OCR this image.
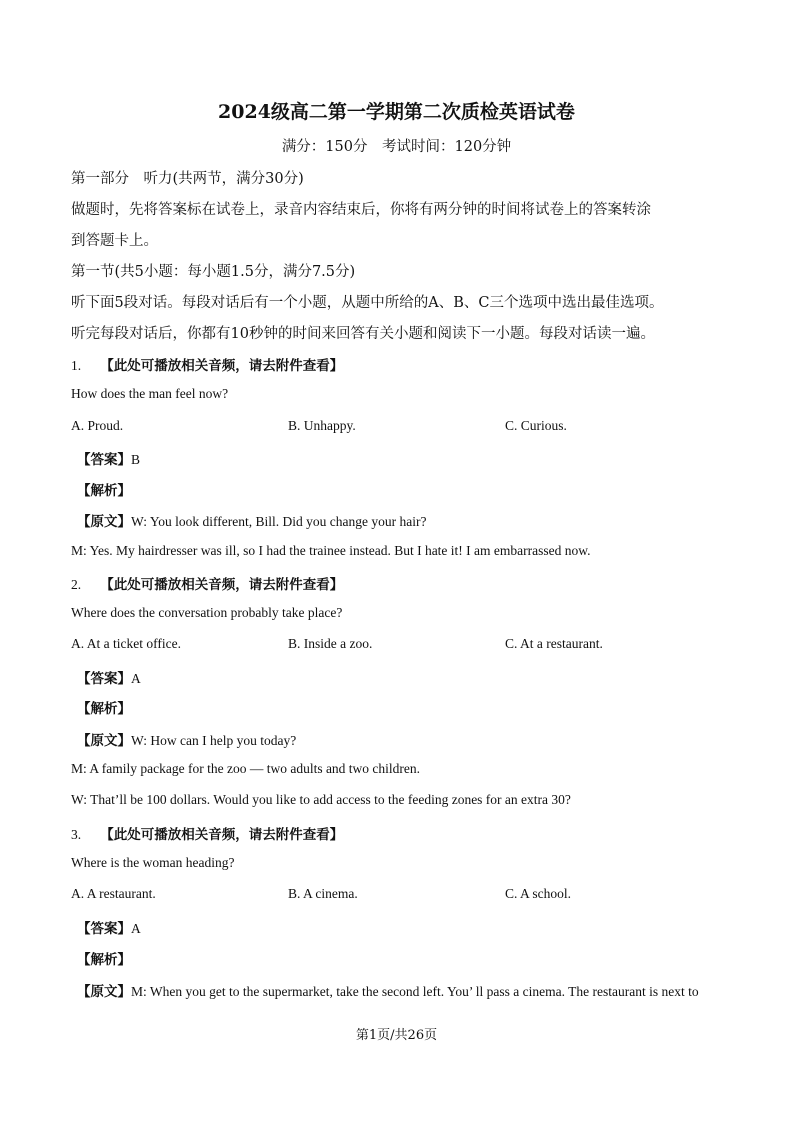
2024级高二第一学期第二次质检英语试卷
满分：150分　考试时间：120分钟
第一部分　听力(共两节，满分30分)
做题时，先将答案标在试卷上，录音内容结束后，你将有两分钟的时间将试卷上的答案转涂
到答题卡上。
第一节(共5小题：每小题1.5分，满分7.5分)
听下面5段对话。每段对话后有一个小题，从题中所给的A、B、C三个选项中选出最佳选项。
听完每段对话后，你都有10秒钟的时间来回答有关小题和阅读下一小题。每段对话读一遍。
1. 【此处可播放相关音频，请去附件查看】
How does the man feel now?
A. Proud.	B. Unhappy.	C. Curious.
【答案】B
【解析】
【原文】W: You look different, Bill. Did you change your hair?
M: Yes. My hairdresser was ill, so I had the trainee instead. But I hate it! I am embarrassed now.
2. 【此处可播放相关音频，请去附件查看】
Where does the conversation probably take place?
A. At a ticket office.	B. Inside a zoo.	C. At a restaurant.
【答案】A
【解析】
【原文】W: How can I help you today?
M: A family package for the zoo — two adults and two children.
W: That’ll be 100 dollars. Would you like to add access to the feeding zones for an extra 30?
3. 【此处可播放相关音频，请去附件查看】
Where is the woman heading?
A. A restaurant.	B. A cinema.	C. A school.
【答案】A
【解析】
【原文】M: When you get to the supermarket, take the second left. You’ ll pass a cinema. The restaurant is next to
第1页/共26页
